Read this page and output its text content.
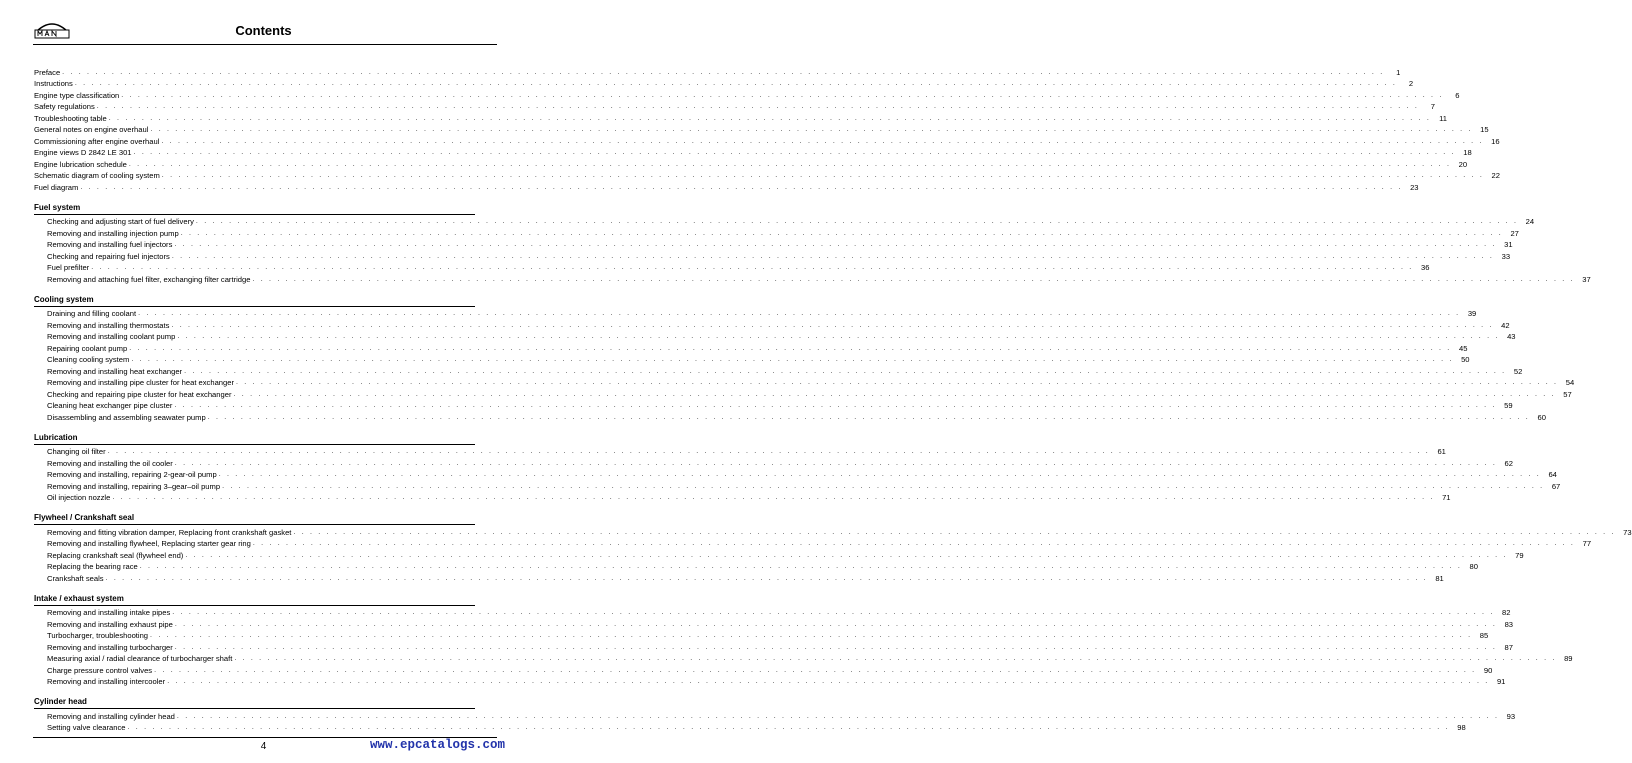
Contents
Preface . . . . . . . . . . . . . . . . . . . . . . . . . . . . . . . . . . . . . . . . . . . . . . . . . . . . . . . . . . . . . . . . . . . . . . . . . . . . . . . . . . . . . . . . . . . . . . . . . . . . . . . . . . . . . . . . . . . . . . . . . . . . . . . . . . . . . . . . . . . . . . . . . . . . . . . . . . . . . . . .	1
Instructions . . . . . . . . . . . . . . . . . . . . . . . . . . . . . . . . . . . . . . . . . . . . . . . . . . . . . . . . . . . . . . . . . . . . . . . . . . . . . . . . . . . . . . . . . . . . . . . . . . . . . . . . . . . . . . . . . . . . . . . . . . . . . . . . . . . . . . . . . . . . . . . . . . . . . . . . . . . . . . . .	2
Engine type classification . . . . . . . . . . . . . . . . . . . . . . . . . . . . . . . . . . . . . . . . . . . . . . . . . . . . . . . . . . . . . . . . . . . . . . . . . . . . . . . . . . . . . . . . . . . . . . . . . . . . . . . . . . . . . . . . . . . . . . . . . . . . . . . . . . . . . . . . . . . . . . . . . . . . . . . . . . . . . . . .	6
Safety regulations . . . . . . . . . . . . . . . . . . . . . . . . . . . . . . . . . . . . . . . . . . . . . . . . . . . . . . . . . . . . . . . . . . . . . . . . . . . . . . . . . . . . . . . . . . . . . . . . . . . . . . . . . . . . . . . . . . . . . . . . . . . . . . . . . . . . . . . . . . . . . . . . . . . . . . . . . . . . . . . .	7
Troubleshooting table . . . . . . . . . . . . . . . . . . . . . . . . . . . . . . . . . . . . . . . . . . . . . . . . . . . . . . . . . . . . . . . . . . . . . . . . . . . . . . . . . . . . . . . . . . . . . . . . . . . . . . . . . . . . . . . . . . . . . . . . . . . . . . . . . . . . . . . . . . . . . . . . . . . . . . . . . . . . . . . .	11
General notes on engine overhaul . . . . . . . . . . . . . . . . . . . . . . . . . . . . . . . . . . . . . . . . . . . . . . . . . . . . . . . . . . . . . . . . . . . . . . . . . . . . . . . . . . . . . . . . . . . . . . . . . . . . . . . . . . . . . . . . . . . . . . . . . . . . . . . . . . . . . . . . . . . . . . . . . . . . . . . . . . . . . . . . 15
Commissioning after engine overhaul . . . . . . . . . . . . . . . . . . . . . . . . . . . . . . . . . . . . . . . . . . . . . . . . . . . . . . . . . . . . . . . . . . . . . . . . . . . . . . . . . . . . . . . . . . . . . . . . . . . . . . . . . . . . . . . . . . . . . . . . . . . . . . . . . . . . . . . . . . . . . . . . . . . . . . . . . . . . . . . . 16
Engine views D 2842 LE 301 . . . . . . . . . . . . . . . . . . . . . . . . . . . . . . . . . . . . . . . . . . . . . . . . . . . . . . . . . . . . . . . . . . . . . . . . . . . . . . . . . . . . . . . . . . . . . . . . . . . . . . . . . . . . . . . . . . . . . . . . . . . . . . . . . . . . . . . . . . . . . . . . . . . . . . . . . . . . . . . . 18
Engine lubrication schedule . . . . . . . . . . . . . . . . . . . . . . . . . . . . . . . . . . . . . . . . . . . . . . . . . . . . . . . . . . . . . . . . . . . . . . . . . . . . . . . . . . . . . . . . . . . . . . . . . . . . . . . . . . . . . . . . . . . . . . . . . . . . . . . . . . . . . . . . . . . . . . . . . . . . . . . . . . . . . . . . 20
Schematic diagram of cooling system . . . . . . . . . . . . . . . . . . . . . . . . . . . . . . . . . . . . . . . . . . . . . . . . . . . . . . . . . . . . . . . . . . . . . . . . . . . . . . . . . . . . . . . . . . . . . . . . . . . . . . . . . . . . . . . . . . . . . . . . . . . . . . . . . . . . . . . . . . . . . . . . . . . . . . . . . . . . . . . . 22
Fuel diagram . . . . . . . . . . . . . . . . . . . . . . . . . . . . . . . . . . . . . . . . . . . . . . . . . . . . . . . . . . . . . . . . . . . . . . . . . . . . . . . . . . . . . . . . . . . . . . . . . . . . . . . . . . . . . . . . . . . . . . . . . . . . . . . . . . . . . . . . . . . . . . . . . . . . . . . . . . . . . . . . 23
Fuel system
Checking and adjusting start of fuel delivery . . . . . . . . . . . . . . . . . . . . . . . . . . . . . . . . . . . . . . . . . . . . . . . . . . . . . . . . . . . . . . . . . . . . . . . . . . . . . . . . . . . . . . . . . . . . . . . . . . . . . . . . . . . . . . . . . . . . . . . . . . . . . . . . . . . . . . . . . . . . . . . . . . . . . . . . . . . . . . . . 24
Removing and installing injection pump . . . . . . . . . . . . . . . . . . . . . . . . . . . . . . . . . . . . . . . . . . . . . . . . . . . . . . . . . . . . . . . . . . . . . . . . . . . . . . . . . . . . . . . . . . . . . . . . . . . . . . . . . . . . . . . . . . . . . . . . . . . . . . . . . . . . . . . . . . . . . . . . . . . . . . . . . . . . . . . . 27
Removing and installing fuel injectors . . . . . . . . . . . . . . . . . . . . . . . . . . . . . . . . . . . . . . . . . . . . . . . . . . . . . . . . . . . . . . . . . . . . . . . . . . . . . . . . . . . . . . . . . . . . . . . . . . . . . . . . . . . . . . . . . . . . . . . . . . . . . . . . . . . . . . . . . . . . . . . . . . . . . . . . . . . . . . . . 31
Checking and repairing fuel injectors . . . . . . . . . . . . . . . . . . . . . . . . . . . . . . . . . . . . . . . . . . . . . . . . . . . . . . . . . . . . . . . . . . . . . . . . . . . . . . . . . . . . . . . . . . . . . . . . . . . . . . . . . . . . . . . . . . . . . . . . . . . . . . . . . . . . . . . . . . . . . . . . . . . . . . . . . . . . . . . . 33
Fuel prefilter . . . . . . . . . . . . . . . . . . . . . . . . . . . . . . . . . . . . . . . . . . . . . . . . . . . . . . . . . . . . . . . . . . . . . . . . . . . . . . . . . . . . . . . . . . . . . . . . . . . . . . . . . . . . . . . . . . . . . . . . . . . . . . . . . . . . . . . . . . . . . . . . . . . . . . . . . . . . . . . . 36
Removing and attaching fuel filter, exchanging filter cartridge . . . . . . . . . . . . . . . . . . . . . . . . . . . . . . . . . . . . . . . . . . . . . . . . . . . . . . . . . . . . . . . . . . . . . . . . . . . . . . . . . . . . . . . . . . . . . . . . . . . . . . . . . . . . . . . . . . . . . . . . . . . . . . . . . . . . . . . . . . . . . . . . . . . . . . . . . . . . . . . . 37
Cooling system
Draining and filling coolant . . . . . . . . . . . . . . . . . . . . . . . . . . . . . . . . . . . . . . . . . . . . . . . . . . . . . . . . . . . . . . . . . . . . . . . . . . . . . . . . . . . . . . . . . . . . . . . . . . . . . . . . . . . . . . . . . . . . . . . . . . . . . . . . . . . . . . . . . . . . . . . . . . . . . . . . . . . . . . . . 39
Removing and installing thermostats . . . . . . . . . . . . . . . . . . . . . . . . . . . . . . . . . . . . . . . . . . . . . . . . . . . . . . . . . . . . . . . . . . . . . . . . . . . . . . . . . . . . . . . . . . . . . . . . . . . . . . . . . . . . . . . . . . . . . . . . . . . . . . . . . . . . . . . . . . . . . . . . . . . . . . . . . . . . . . . . 42
Removing and installing coolant pump . . . . . . . . . . . . . . . . . . . . . . . . . . . . . . . . . . . . . . . . . . . . . . . . . . . . . . . . . . . . . . . . . . . . . . . . . . . . . . . . . . . . . . . . . . . . . . . . . . . . . . . . . . . . . . . . . . . . . . . . . . . . . . . . . . . . . . . . . . . . . . . . . . . . . . . . . . . . . . . . 43
Repairing coolant pump . . . . . . . . . . . . . . . . . . . . . . . . . . . . . . . . . . . . . . . . . . . . . . . . . . . . . . . . . . . . . . . . . . . . . . . . . . . . . . . . . . . . . . . . . . . . . . . . . . . . . . . . . . . . . . . . . . . . . . . . . . . . . . . . . . . . . . . . . . . . . . . . . . . . . . . . . . . . . . . . 45
Cleaning cooling system . . . . . . . . . . . . . . . . . . . . . . . . . . . . . . . . . . . . . . . . . . . . . . . . . . . . . . . . . . . . . . . . . . . . . . . . . . . . . . . . . . . . . . . . . . . . . . . . . . . . . . . . . . . . . . . . . . . . . . . . . . . . . . . . . . . . . . . . . . . . . . . . . . . . . . . . . . . . . . . . 50
Removing and installing heat exchanger . . . . . . . . . . . . . . . . . . . . . . . . . . . . . . . . . . . . . . . . . . . . . . . . . . . . . . . . . . . . . . . . . . . . . . . . . . . . . . . . . . . . . . . . . . . . . . . . . . . . . . . . . . . . . . . . . . . . . . . . . . . . . . . . . . . . . . . . . . . . . . . . . . . . . . . . . . . . . . . . 52
Removing and installing pipe cluster for heat exchanger . . . . . . . . . . . . . . . . . . . . . . . . . . . . . . . . . . . . . . . . . . . . . . . . . . . . . . . . . . . . . . . . . . . . . . . . . . . . . . . . . . . . . . . . . . . . . . . . . . . . . . . . . . . . . . . . . . . . . . . . . . . . . . . . . . . . . . . . . . . . . . . . . . . . . . . . . . . . . . . . 54
Checking and repairing pipe cluster for heat exchanger . . . . . . . . . . . . . . . . . . . . . . . . . . . . . . . . . . . . . . . . . . . . . . . . . . . . . . . . . . . . . . . . . . . . . . . . . . . . . . . . . . . . . . . . . . . . . . . . . . . . . . . . . . . . . . . . . . . . . . . . . . . . . . . . . . . . . . . . . . . . . . . . . . . . . . . . . . . . . . . . 57
Cleaning heat exchanger pipe cluster . . . . . . . . . . . . . . . . . . . . . . . . . . . . . . . . . . . . . . . . . . . . . . . . . . . . . . . . . . . . . . . . . . . . . . . . . . . . . . . . . . . . . . . . . . . . . . . . . . . . . . . . . . . . . . . . . . . . . . . . . . . . . . . . . . . . . . . . . . . . . . . . . . . . . . . . . . . . . . . . 59
Disassembling and assembling seawater pump . . . . . . . . . . . . . . . . . . . . . . . . . . . . . . . . . . . . . . . . . . . . . . . . . . . . . . . . . . . . . . . . . . . . . . . . . . . . . . . . . . . . . . . . . . . . . . . . . . . . . . . . . . . . . . . . . . . . . . . . . . . . . . . . . . . . . . . . . . . . . . . . . . . . . . . . . . . . . . . . 60
Lubrication
Changing oil filter . . . . . . . . . . . . . . . . . . . . . . . . . . . . . . . . . . . . . . . . . . . . . . . . . . . . . . . . . . . . . . . . . . . . . . . . . . . . . . . . . . . . . . . . . . . . . . . . . . . . . . . . . . . . . . . . . . . . . . . . . . . . . . . . . . . . . . . . . . . . . . . . . . . . . . . . . . . . . . . . 61
Removing and installing the oil cooler . . . . . . . . . . . . . . . . . . . . . . . . . . . . . . . . . . . . . . . . . . . . . . . . . . . . . . . . . . . . . . . . . . . . . . . . . . . . . . . . . . . . . . . . . . . . . . . . . . . . . . . . . . . . . . . . . . . . . . . . . . . . . . . . . . . . . . . . . . . . . . . . . . . . . . . . . . . . . . . . 62
Removing and installing, repairing 2-gear-oil pump . . . . . . . . . . . . . . . . . . . . . . . . . . . . . . . . . . . . . . . . . . . . . . . . . . . . . . . . . . . . . . . . . . . . . . . . . . . . . . . . . . . . . . . . . . . . . . . . . . . . . . . . . . . . . . . . . . . . . . . . . . . . . . . . . . . . . . . . . . . . . . . . . . . . . . . . . . . . . . . . 64
Removing and installing, repairing 3–gear–oil pump . . . . . . . . . . . . . . . . . . . . . . . . . . . . . . . . . . . . . . . . . . . . . . . . . . . . . . . . . . . . . . . . . . . . . . . . . . . . . . . . . . . . . . . . . . . . . . . . . . . . . . . . . . . . . . . . . . . . . . . . . . . . . . . . . . . . . . . . . . . . . . . . . . . . . . . . . . . . . . . . 67
Oil injection nozzle . . . . . . . . . . . . . . . . . . . . . . . . . . . . . . . . . . . . . . . . . . . . . . . . . . . . . . . . . . . . . . . . . . . . . . . . . . . . . . . . . . . . . . . . . . . . . . . . . . . . . . . . . . . . . . . . . . . . . . . . . . . . . . . . . . . . . . . . . . . . . . . . . . . . . . . . . . . . . . . . 71
Flywheel / Crankshaft seal
Removing and fitting vibration damper, Replacing front crankshaft gasket . . . . . . . . . . . . . . . . . . . . . . . . . . . . . . . . . . . . . . . . . . . . . . . . . . . . . . . . . . . . . . . . . . . . . . . . . . . . . . . . . . . . . . . . . . . . . . . . . . . . . . . . . . . . . . . . . . . . . . . . . . . . . . . . . . . . . . . . . . . . . . . . . . . . . . . . . . . . . . . . 73
Removing and installing flywheel, Replacing starter gear ring . . . . . . . . . . . . . . . . . . . . . . . . . . . . . . . . . . . . . . . . . . . . . . . . . . . . . . . . . . . . . . . . . . . . . . . . . . . . . . . . . . . . . . . . . . . . . . . . . . . . . . . . . . . . . . . . . . . . . . . . . . . . . . . . . . . . . . . . . . . . . . . . . . . . . . . . . . . . . . . . 77
Replacing crankshaft seal (flywheel end) . . . . . . . . . . . . . . . . . . . . . . . . . . . . . . . . . . . . . . . . . . . . . . . . . . . . . . . . . . . . . . . . . . . . . . . . . . . . . . . . . . . . . . . . . . . . . . . . . . . . . . . . . . . . . . . . . . . . . . . . . . . . . . . . . . . . . . . . . . . . . . . . . . . . . . . . . . . . . . . . 79
Replacing the bearing race . . . . . . . . . . . . . . . . . . . . . . . . . . . . . . . . . . . . . . . . . . . . . . . . . . . . . . . . . . . . . . . . . . . . . . . . . . . . . . . . . . . . . . . . . . . . . . . . . . . . . . . . . . . . . . . . . . . . . . . . . . . . . . . . . . . . . . . . . . . . . . . . . . . . . . . . . . . . . . . . 80
Crankshaft seals . . . . . . . . . . . . . . . . . . . . . . . . . . . . . . . . . . . . . . . . . . . . . . . . . . . . . . . . . . . . . . . . . . . . . . . . . . . . . . . . . . . . . . . . . . . . . . . . . . . . . . . . . . . . . . . . . . . . . . . . . . . . . . . . . . . . . . . . . . . . . . . . . . . . . . . . . . . . . . . . 81
Intake / exhaust system
Removing and installing intake pipes . . . . . . . . . . . . . . . . . . . . . . . . . . . . . . . . . . . . . . . . . . . . . . . . . . . . . . . . . . . . . . . . . . . . . . . . . . . . . . . . . . . . . . . . . . . . . . . . . . . . . . . . . . . . . . . . . . . . . . . . . . . . . . . . . . . . . . . . . . . . . . . . . . . . . . . . . . . . . . . . 82
Removing and installing exhaust pipe . . . . . . . . . . . . . . . . . . . . . . . . . . . . . . . . . . . . . . . . . . . . . . . . . . . . . . . . . . . . . . . . . . . . . . . . . . . . . . . . . . . . . . . . . . . . . . . . . . . . . . . . . . . . . . . . . . . . . . . . . . . . . . . . . . . . . . . . . . . . . . . . . . . . . . . . . . . . . . . . 83
Turbocharger, troubleshooting . . . . . . . . . . . . . . . . . . . . . . . . . . . . . . . . . . . . . . . . . . . . . . . . . . . . . . . . . . . . . . . . . . . . . . . . . . . . . . . . . . . . . . . . . . . . . . . . . . . . . . . . . . . . . . . . . . . . . . . . . . . . . . . . . . . . . . . . . . . . . . . . . . . . . . . . . . . . . . . . 85
Removing and installing turbocharger . . . . . . . . . . . . . . . . . . . . . . . . . . . . . . . . . . . . . . . . . . . . . . . . . . . . . . . . . . . . . . . . . . . . . . . . . . . . . . . . . . . . . . . . . . . . . . . . . . . . . . . . . . . . . . . . . . . . . . . . . . . . . . . . . . . . . . . . . . . . . . . . . . . . . . . . . . . . . . . . 87
Measuring axial / radial clearance of turbocharger shaft . . . . . . . . . . . . . . . . . . . . . . . . . . . . . . . . . . . . . . . . . . . . . . . . . . . . . . . . . . . . . . . . . . . . . . . . . . . . . . . . . . . . . . . . . . . . . . . . . . . . . . . . . . . . . . . . . . . . . . . . . . . . . . . . . . . . . . . . . . . . . . . . . . . . . . . . . . . . . . . . 89
Charge pressure control valves . . . . . . . . . . . . . . . . . . . . . . . . . . . . . . . . . . . . . . . . . . . . . . . . . . . . . . . . . . . . . . . . . . . . . . . . . . . . . . . . . . . . . . . . . . . . . . . . . . . . . . . . . . . . . . . . . . . . . . . . . . . . . . . . . . . . . . . . . . . . . . . . . . . . . . . . . . . . . . . . 90
Removing and installing intercooler . . . . . . . . . . . . . . . . . . . . . . . . . . . . . . . . . . . . . . . . . . . . . . . . . . . . . . . . . . . . . . . . . . . . . . . . . . . . . . . . . . . . . . . . . . . . . . . . . . . . . . . . . . . . . . . . . . . . . . . . . . . . . . . . . . . . . . . . . . . . . . . . . . . . . . . . . . . . . . . . 91
Cylinder head
Removing and installing cylinder head . . . . . . . . . . . . . . . . . . . . . . . . . . . . . . . . . . . . . . . . . . . . . . . . . . . . . . . . . . . . . . . . . . . . . . . . . . . . . . . . . . . . . . . . . . . . . . . . . . . . . . . . . . . . . . . . . . . . . . . . . . . . . . . . . . . . . . . . . . . . . . . . . . . . . . . . . . . . . . . . 93
Setting valve clearance . . . . . . . . . . . . . . . . . . . . . . . . . . . . . . . . . . . . . . . . . . . . . . . . . . . . . . . . . . . . . . . . . . . . . . . . . . . . . . . . . . . . . . . . . . . . . . . . . . . . . . . . . . . . . . . . . . . . . . . . . . . . . . . . . . . . . . . . . . . . . . . . . . . . . . . . . . . . . . . . 98
4	www.epcatalogs.com
